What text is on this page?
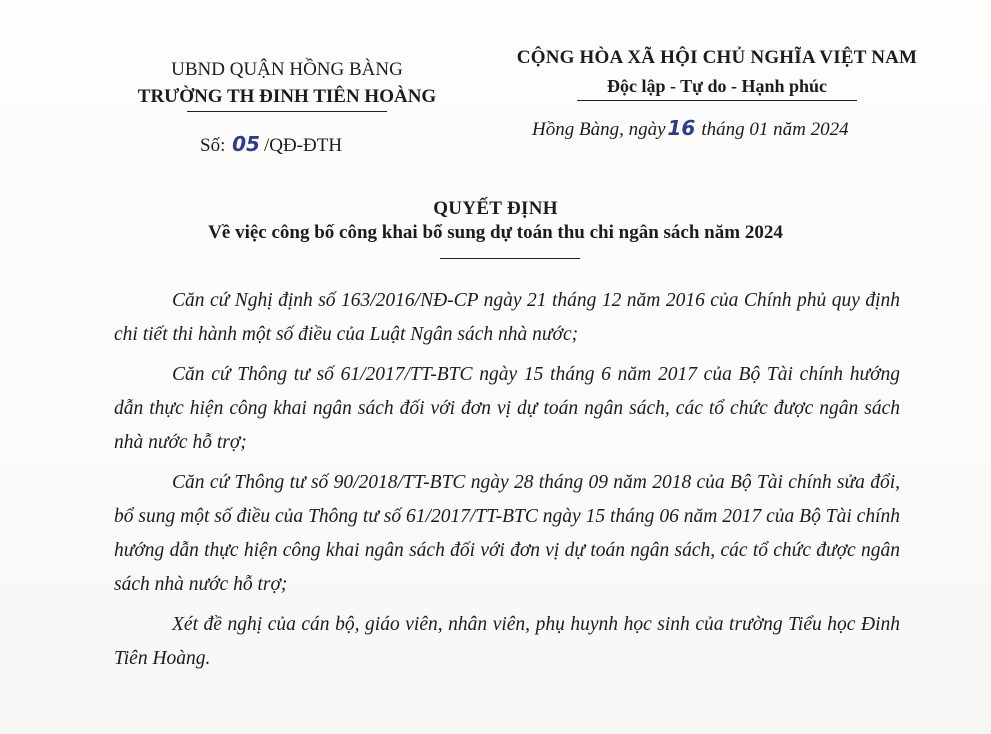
UBND QUẬN HỒNG BÀNG
TRƯỜNG TH ĐINH TIÊN HOÀNG
Số: 05 /QĐ-ĐTH
CỘNG HÒA XÃ HỘI CHỦ NGHĨA VIỆT NAM
Độc lập - Tự do - Hạnh phúc
Hồng Bàng, ngày 16 tháng 01 năm 2024
QUYẾT ĐỊNH
Về việc công bố công khai bổ sung dự toán thu chi ngân sách năm 2024

Căn cứ Nghị định số 163/2016/NĐ-CP ngày 21 tháng 12 năm 2016 của Chính phủ quy định chi tiết thi hành một số điều của Luật Ngân sách nhà nước;

Căn cứ Thông tư số 61/2017/TT-BTC ngày 15 tháng 6 năm 2017 của Bộ Tài chính hướng dẫn thực hiện công khai ngân sách đối với đơn vị dự toán ngân sách, các tổ chức được ngân sách nhà nước hỗ trợ;

Căn cứ Thông tư số 90/2018/TT-BTC ngày 28 tháng 09 năm 2018 của Bộ Tài chính sửa đổi, bổ sung một số điều của Thông tư số 61/2017/TT-BTC ngày 15 tháng 06 năm 2017 của Bộ Tài chính hướng dẫn thực hiện công khai ngân sách đối với đơn vị dự toán ngân sách, các tổ chức được ngân sách nhà nước hỗ trợ;

Xét đề nghị của cán bộ, giáo viên, nhân viên, phụ huynh học sinh của trường Tiểu học Đinh Tiên Hoàng.
